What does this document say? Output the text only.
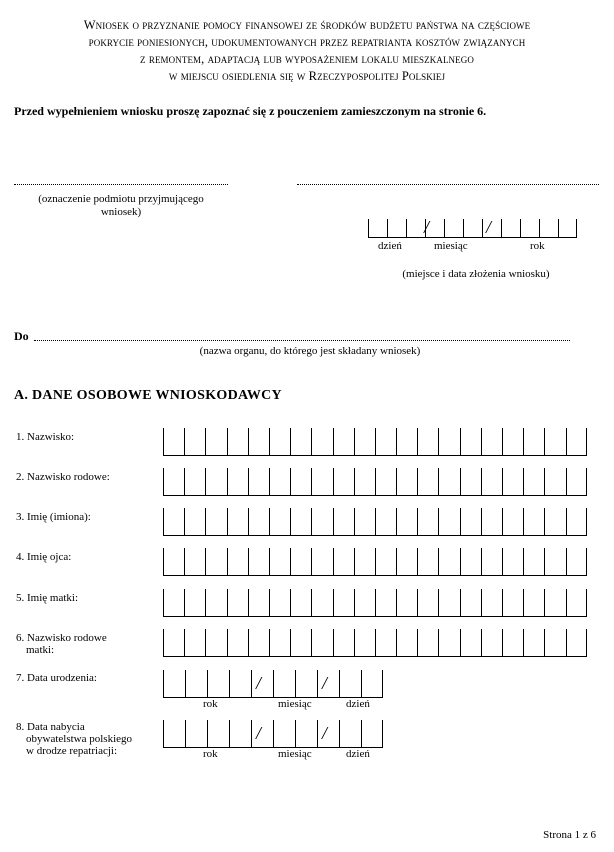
Wniosek o przyznanie pomocy finansowej ze środków budżetu państwa na częściowe
pokrycie poniesionych, udokumentowanych przez repatrianta kosztów związanych
z remontem, adaptacją lub wyposażeniem lokalu mieszkalnego
w miejscu osiedlenia się w Rzeczypospolitej Polskiej
Przed wypełnieniem wniosku proszę zapoznać się z pouczeniem zamieszczonym na stronie 6.
(oznaczenie podmiotu przyjmującego
wniosek)
/	/
dzień	miesiąc	rok
(miejsce i data złożenia wniosku)
Do
(nazwa organu, do którego jest składany wniosek)
A. DANE OSOBOWE WNIOSKODAWCY
1. Nazwisko:
2. Nazwisko rodowe:
3. Imię (imiona):
4. Imię ojca:
5. Imię matki:
6. Nazwisko rodowe
matki:
7. Data urodzenia:	/	/
rok	miesiąc	dzień
8. Data nabycia
obywatelstwa polskiego
w drodze repatriacji:
/	/
rok	miesiąc	dzień
Strona 1 z 6
